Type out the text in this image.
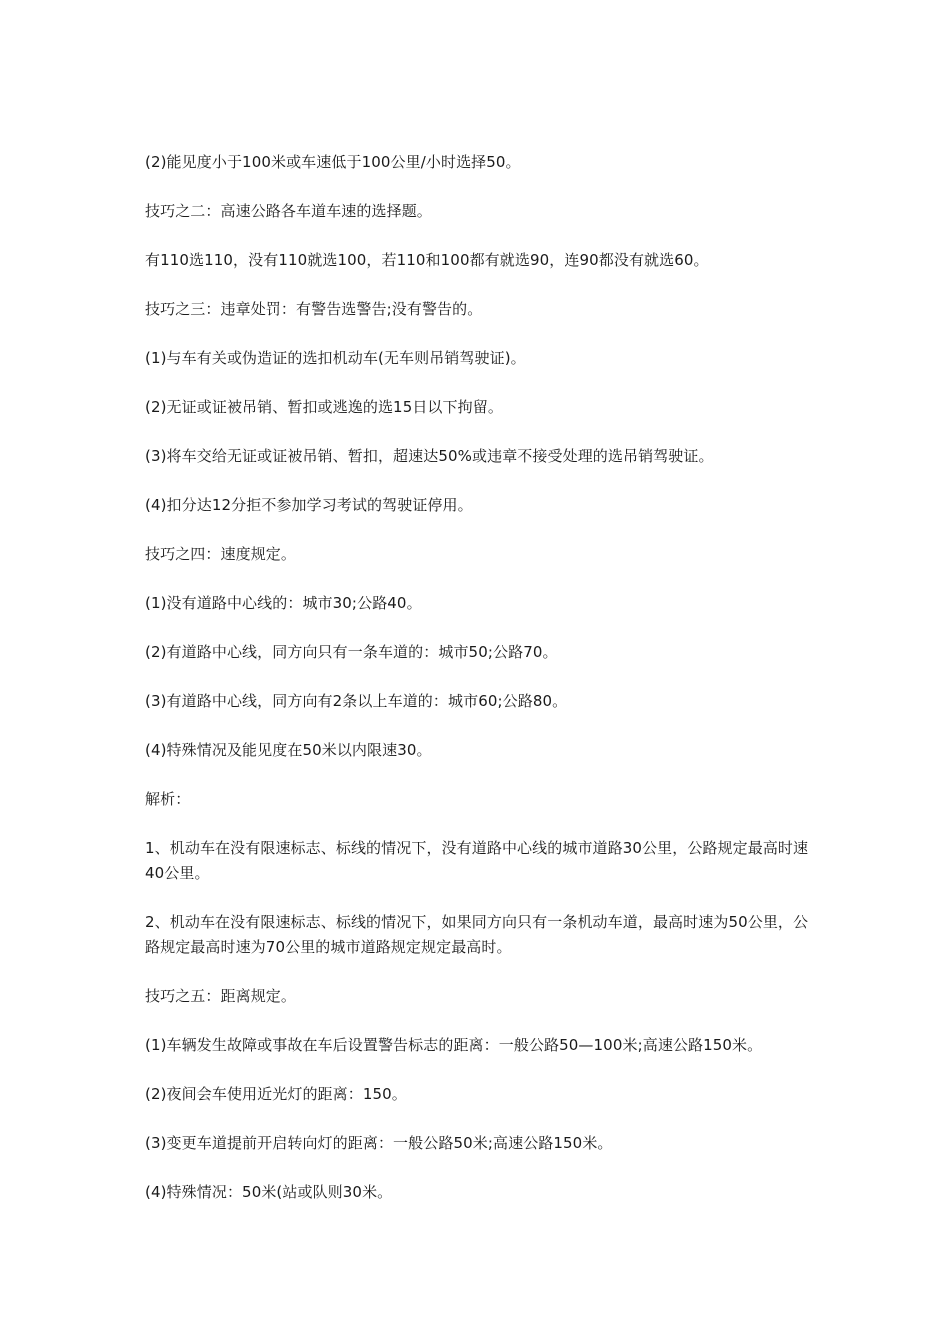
(2)能见度小于100米或车速低于100公里/小时选择50。

技巧之二：高速公路各车道车速的选择题。

有110选110，没有110就选100，若110和100都有就选90，连90都没有就选60。

技巧之三：违章处罚：有警告选警告;没有警告的。

(1)与车有关或伪造证的选扣机动车(无车则吊销驾驶证)。

(2)无证或证被吊销、暂扣或逃逸的选15日以下拘留。

(3)将车交给无证或证被吊销、暂扣，超速达50%或违章不接受处理的选吊销驾驶证。

(4)扣分达12分拒不参加学习考试的驾驶证停用。

技巧之四：速度规定。

(1)没有道路中心线的：城市30;公路40。

(2)有道路中心线，同方向只有一条车道的：城市50;公路70。

(3)有道路中心线，同方向有2条以上车道的：城市60;公路80。

(4)特殊情况及能见度在50米以内限速30。

解析：

1、机动车在没有限速标志、标线的情况下，没有道路中心线的城市道路30公里，公路规定最高时速40公里。

2、机动车在没有限速标志、标线的情况下，如果同方向只有一条机动车道，最高时速为50公里，公路规定最高时速为70公里的城市道路规定规定最高时。

技巧之五：距离规定。

(1)车辆发生故障或事故在车后设置警告标志的距离：一般公路50—100米;高速公路150米。

(2)夜间会车使用近光灯的距离：150。

(3)变更车道提前开启转向灯的距离：一般公路50米;高速公路150米。

(4)特殊情况：50米(站或队则30米。
